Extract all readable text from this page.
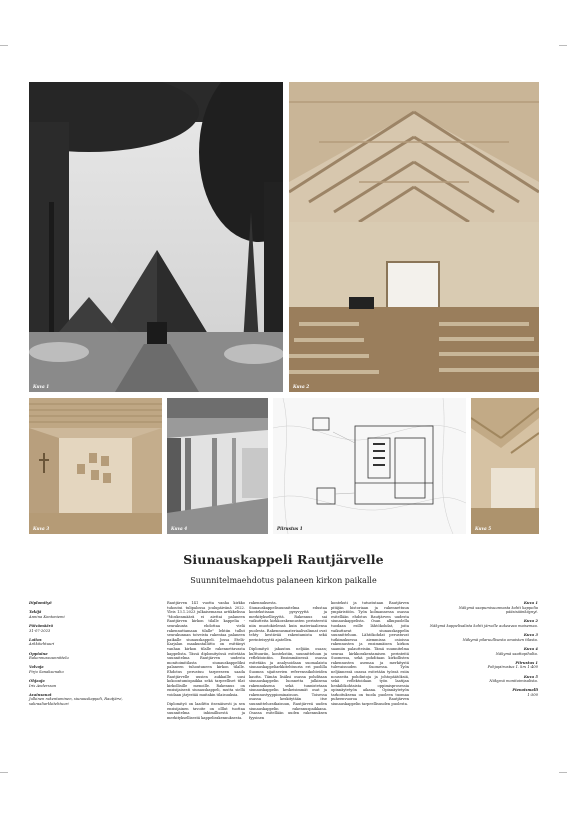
Kuva 1	Kuva 2
Kuva 3	Kuva 4	Piirustus 1	Kuva 5
Siunauskappeli Rautjärvelle
Suunnitelmaehdotus palaneen kirkon paikalle
Diplomityö
Tekijä
Annina Kontoniemi
Päivämäärä
31-07-2023
Laitos
Arkkitehtuuri
Oppiaine
Rakennussuunnittelu
Valvoja
Pirjo Sanaksenaho
Ohjaaja
Iris Andersson
Avainsanat
Julkinen rakentaminen, siunauskappeli, Rautjärvi, sakraaliarkkitehtuuri

Rautjärven 141 vuotta vanha kirkko tuhoutui tulipalossa joulupäivänä 2022. Yleis 13.1.2023 julkaisemassa artikkelissa "Moskeamäärä ei aiettai palaneen Rautjärven kirkon tilalle kappelia - seurakunta ehdottaa vielä rakennuttamaan tilalle" lehtiin tullut seurakunnan toiveista rakentaa palaneen paikalle siunauskappeli. Jossa Etelä-Karjalan maakuntalliitto on esittänyt vanhan kirkon tilalle rakennettavasta kappelista. Tässä diplomityössä esitetään suunnitelma Rautjärven uudesta monitoimitilasta siunauskappeliksi palaneen tuhoutuneen kirkon tilalle. Ehdotus perustuu tarpeeseen saada Rautjärvelle uusien aukkaille uusi kokoontumispaikka sekä tarpeelliset tilat kirkollisille menoille. Rakennus on ensisijaisesti siunauskappeli, mutta siellä voidaan järjestää muitakin tilaisuuksia.

Diplomityö on laadittu itsenäisesti ja sen ensisijainen tavoite on olllut tuottaa suunnitelma inhimillisestä ja merkityksellisestä kappelirakennuksesta.

rakennuksesta. Siunauskappelisuunnitelma edustaa kontekstisaan pysyvyyttä ja merkityksellisyyttä. Rakennus sai vaikutteita kirkkorakennusten perinteestä niin muotokielensä kuin materiaaliensa puolesta. Rakennusmateriaalivalinnat ovat tehty kestävää rakentamista sekä perinteisyyttä ajatellen.

Diplomityö jakautuu neljään osaan; kulttuuriin, kontekstiin, suunnitteluun ja reflektointiin. Ensimmäisessä osassa esitetään ja analysoidaan suomalaista siunauskappeliarkkitehtuuria eri puolilla Suomea sijaitsevien referenssikohteiden kautta. Tämän lisäksi osassa pohditaan siunauskappelin luonnetta julkisena rakennuksena sekä tunnistetaan siunauskappelin keskeisimmät osat ja rakennustyyppiominaisuus. Toisessa osassa keskitytään itse suunnitteluratkaisuun, Rautjärveä uuden siunauskappelin rakennuspaikkana. Osassa esitellään uuden rakennuksen fyysinen

konteksti ja tutustutaan Rautjärven pitäjän historiaan ja rakennettuun ympäristöön. Työn kolmannessa osassa esitellään ehdotus Rautjärven uudesta siunauskappelista. Osan alkupuolella tuodaan esille lähtökohdat, joita vaikuttavat siunauskappelin suunnitteluun. Lähtökohdat perustuvat tutkimuksessa aiemmissa osioissa rakennusten ja ensimmäisen kirkon saamiin palautteisiin. Tämä suunnitelma seuraa kirkkorakentamisen perinteitä Suomessa, sekä pohditaan kirkollisten rakennusten asemaa ja merkitystä tulevaisuuden Suomessa. Työn neljännessä osassa esitetään työssä esiin nousseita pohdintoja ja johtopäätöksiä, sekä reflektoidaan työn laatijan henkilökohtaista oppimisprosessia opinnäytetyön aikana. Opinnäytetyön tarkoituksena on tuoda puoleen tuomaa puheenvuoroa Rautjärven siunauskappelin tarpeellisuuden puolesta.

Kuva 1
Näkymä saapumisuunnasta kohti kappelia pääsisäänkäynyt.
Kuva 2
Näkymä kappelisalista kohti järvelle aukeavaa maisemaa.
Kuva 3
Näkymä pilaruullisesta omaisten tilasta.
Kuva 4
Näkymä saattopihalta.
Piirustus 1
Pohjapiirustus 1. krs 1:400
Kuva 5
Näkymä monitoimisalista.
Pienoismalli
1:500
